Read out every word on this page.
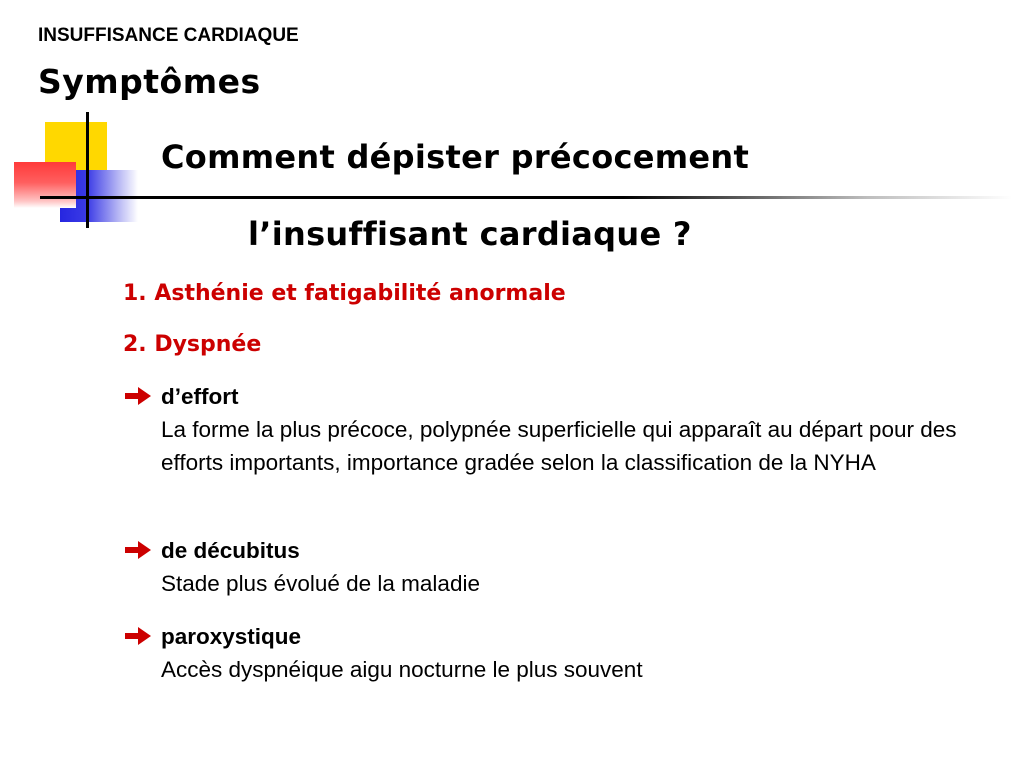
INSUFFISANCE CARDIAQUE
Symptômes
Comment dépister précocement
l’insuffisant cardiaque ?
1. Asthénie et fatigabilité anormale
2. Dyspnée
d’effort
La forme la plus précoce, polypnée superficielle qui apparaît au départ pour des efforts importants, importance gradée selon la classification de la NYHA
de décubitus
Stade plus évolué de la maladie
paroxystique
Accès dyspnéique aigu nocturne le plus souvent
